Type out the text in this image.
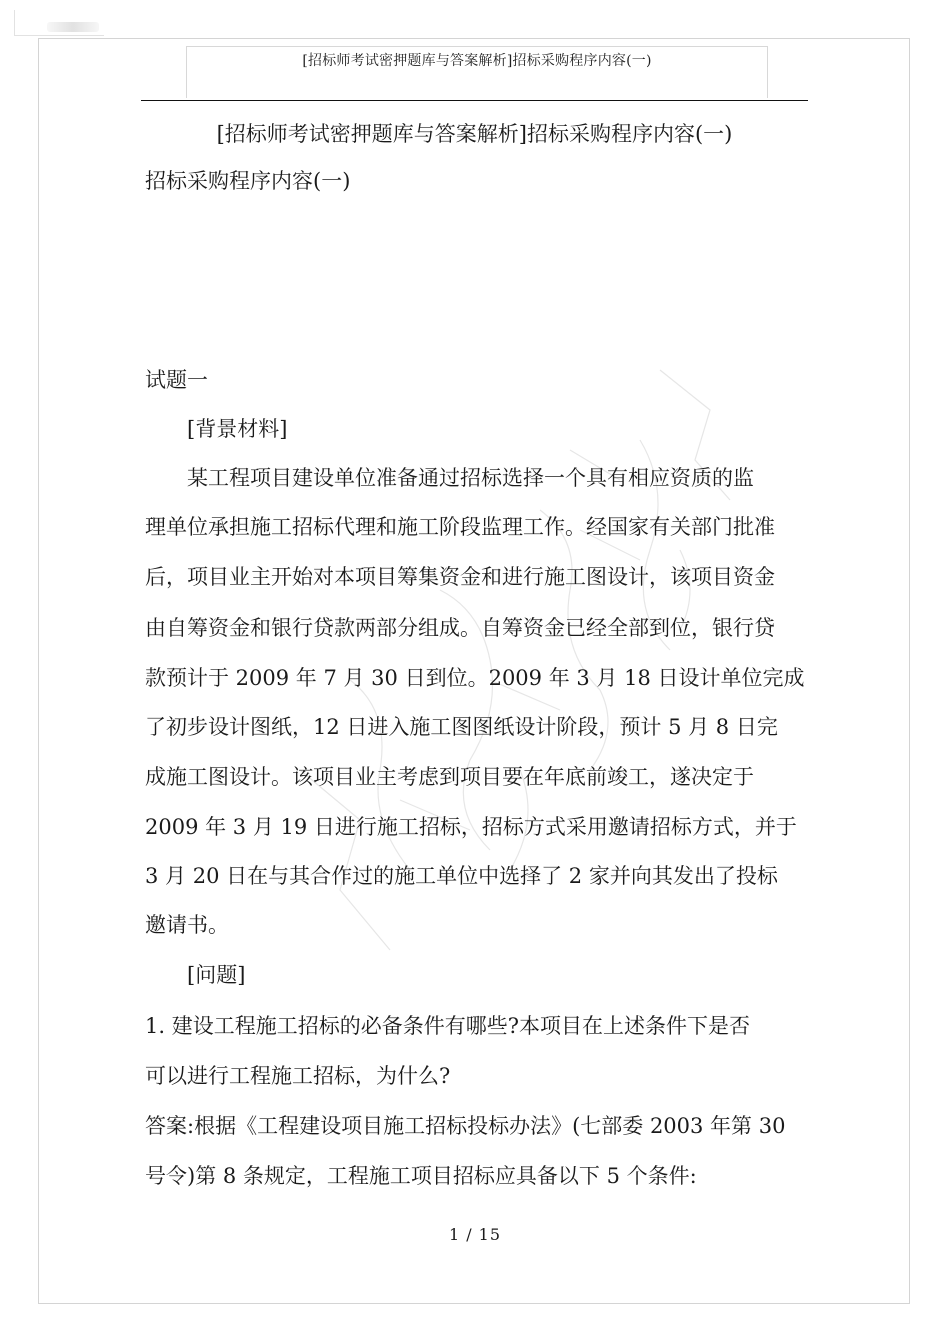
[招标师考试密押题库与答案解析]招标采购程序内容(一)
[招标师考试密押题库与答案解析]招标采购程序内容(一)
招标采购程序内容(一)
试题一
[背景材料]
某工程项目建设单位准备通过招标选择一个具有相应资质的监
理单位承担施工招标代理和施工阶段监理工作。经国家有关部门批准
后，项目业主开始对本项目筹集资金和进行施工图设计，该项目资金
由自筹资金和银行贷款两部分组成。自筹资金已经全部到位，银行贷
款预计于 2009 年 7 月 30 日到位。2009 年 3 月 18 日设计单位完成
了初步设计图纸，12 日进入施工图图纸设计阶段，预计 5 月 8 日完
成施工图设计。该项目业主考虑到项目要在年底前竣工，遂决定于
2009 年 3 月 19 日进行施工招标，招标方式采用邀请招标方式，并于
3 月 20 日在与其合作过的施工单位中选择了 2 家并向其发出了投标
邀请书。
[问题]
1. 建设工程施工招标的必备条件有哪些?本项目在上述条件下是否
可以进行工程施工招标，为什么?
答案:根据《工程建设项目施工招标投标办法》(七部委 2003 年第 30
号令)第 8 条规定，工程施工项目招标应具备以下 5 个条件:
1 / 15
